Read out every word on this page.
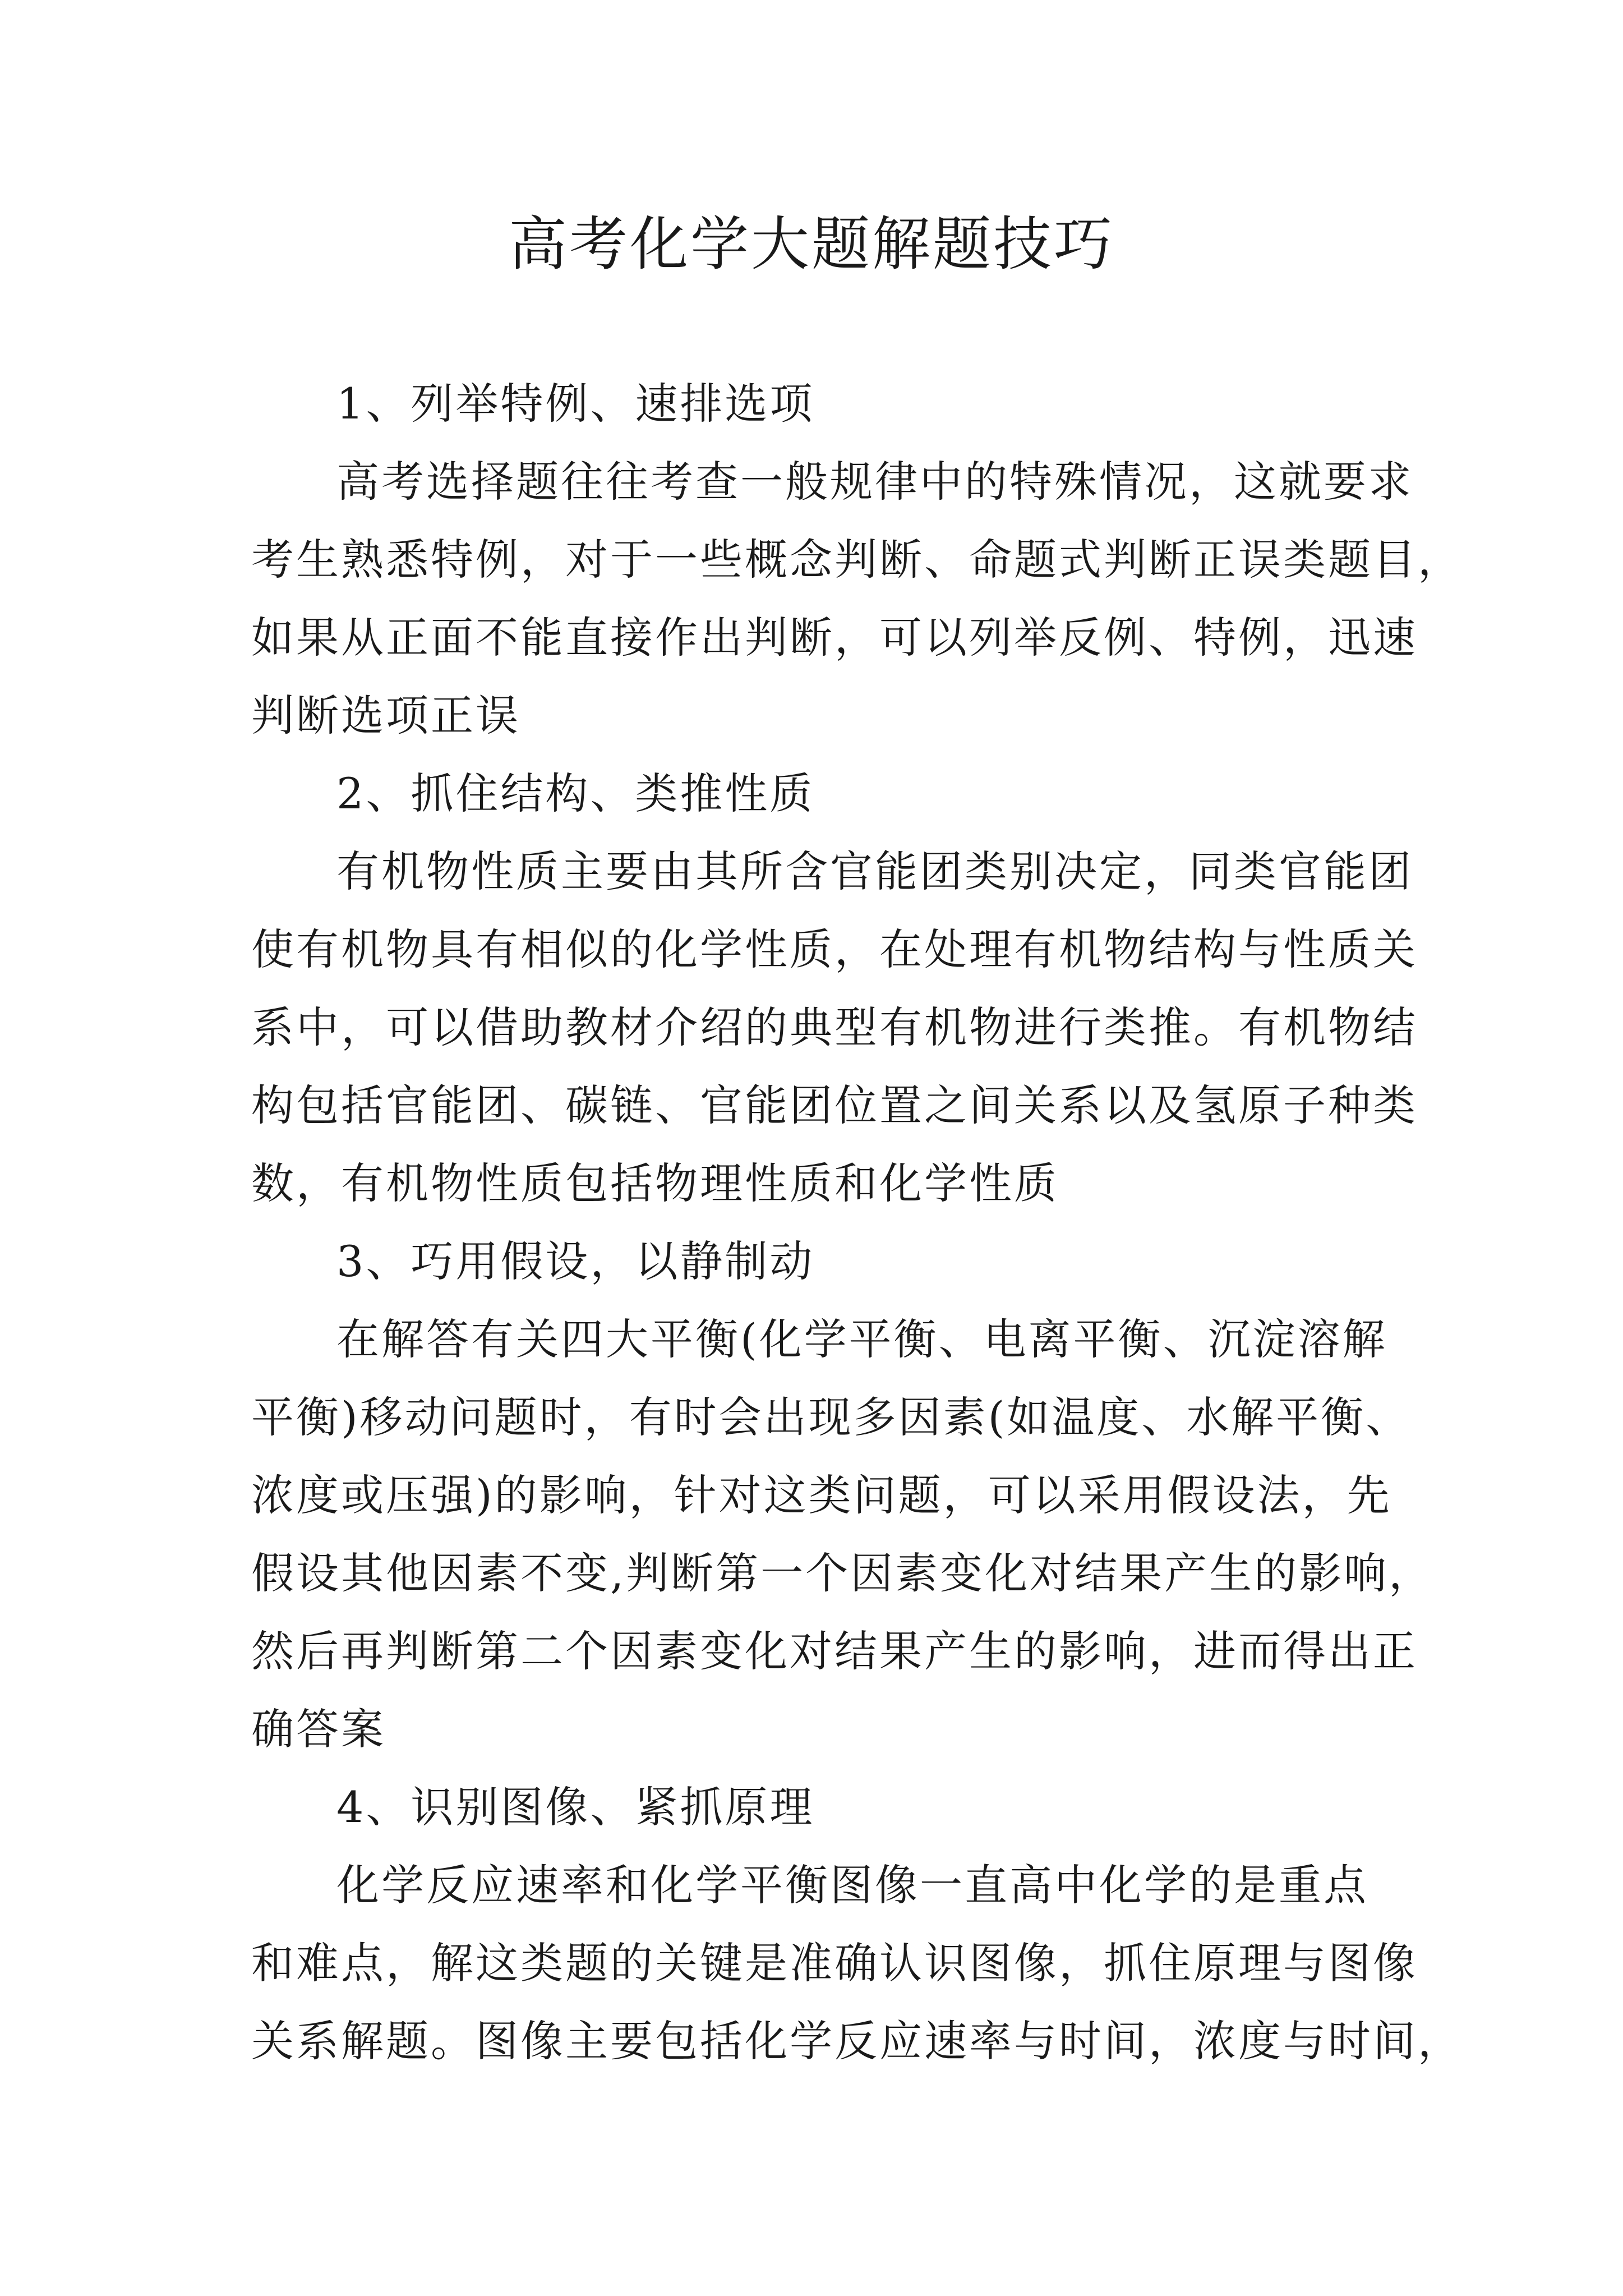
高考化学大题解题技巧
1、列举特例、速排选项
高考选择题往往考查一般规律中的特殊情况，这就要求
考生熟悉特例，对于一些概念判断、命题式判断正误类题目，
如果从正面不能直接作出判断，可以列举反例、特例，迅速
判断选项正误
2、抓住结构、类推性质
有机物性质主要由其所含官能团类别决定，同类官能团
使有机物具有相似的化学性质，在处理有机物结构与性质关
系中，可以借助教材介绍的典型有机物进行类推。有机物结
构包括官能团、碳链、官能团位置之间关系以及氢原子种类
数，有机物性质包括物理性质和化学性质
3、巧用假设，以静制动
在解答有关四大平衡(化学平衡、电离平衡、沉淀溶解
平衡)移动问题时，有时会出现多因素(如温度、水解平衡、
浓度或压强)的影响，针对这类问题，可以采用假设法，先
假设其他因素不变,判断第一个因素变化对结果产生的影响，
然后再判断第二个因素变化对结果产生的影响，进而得出正
确答案
4、识别图像、紧抓原理
化学反应速率和化学平衡图像一直高中化学的是重点
和难点，解这类题的关键是准确认识图像，抓住原理与图像
关系解题。图像主要包括化学反应速率与时间，浓度与时间，
